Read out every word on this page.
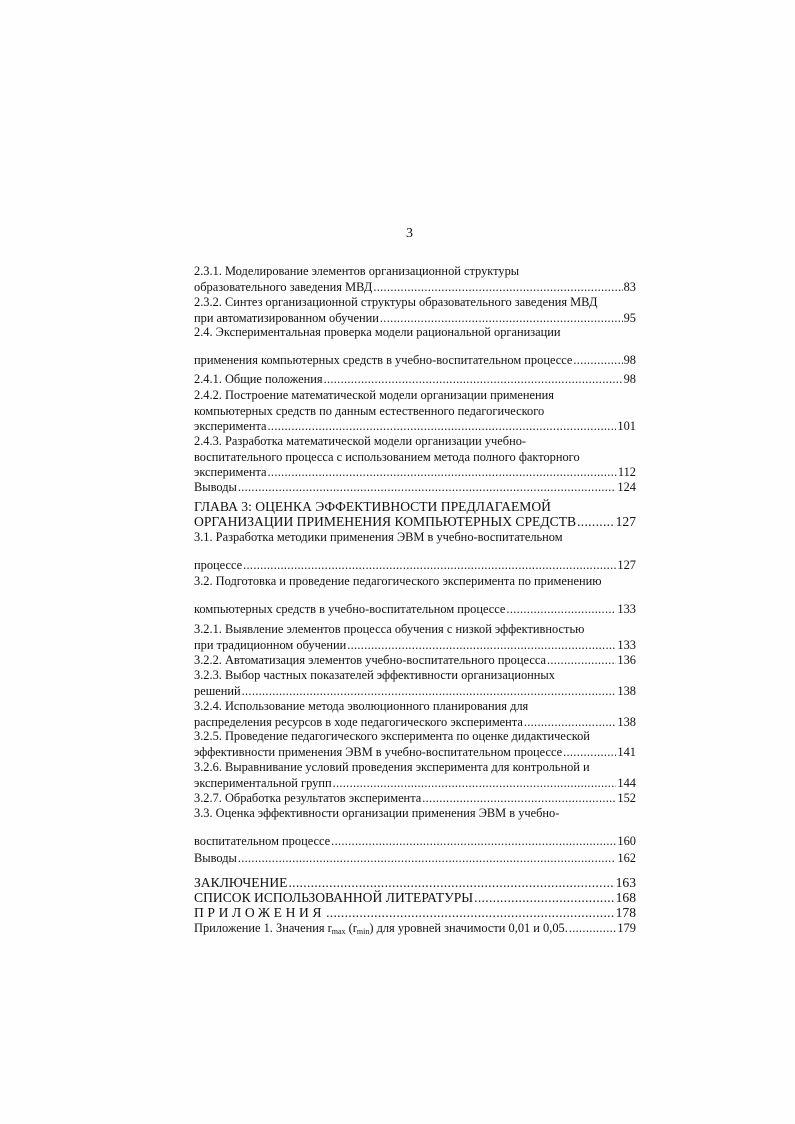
3
2.3.1. Моделирование элементов организационной структуры
образовательного заведения МВД .....	83
2.3.2. Синтез организационной структуры образовательного заведения МВД
при автоматизированном обучении .....	95
2.4. Экспериментальная проверка модели рациональной организации
применения компьютерных средств в учебно-воспитательном процессе .....	98
2.4.1. Общие положения .....	98
2.4.2. Построение математической модели организации применения
компьютерных средств по данным естественного педагогического
эксперимента .....	101
2.4.3. Разработка математической модели организации учебно-
воспитательного процесса с использованием метода полного факторного
эксперимента .....	112
Выводы .....	124
ГЛАВА 3: ОЦЕНКА ЭФФЕКТИВНОСТИ ПРЕДЛАГАЕМОЙ
ОРГАНИЗАЦИИ ПРИМЕНЕНИЯ КОМПЬЮТЕРНЫХ СРЕДСТВ .....	127
3.1. Разработка методики применения ЭВМ в учебно-воспитательном
процессе .....	127
3.2. Подготовка и проведение педагогического эксперимента по применению
компьютерных средств в учебно-воспитательном процессе .....	133
3.2.1. Выявление элементов процесса обучения с низкой эффективностью
при традиционном обучении .....	133
3.2.2. Автоматизация элементов учебно-воспитательного процесса .....	136
3.2.3. Выбор частных показателей эффективности организационных
решений .....	138
3.2.4. Использование метода эволюционного планирования для
распределения ресурсов в ходе педагогического эксперимента .....	138
3.2.5. Проведение педагогического эксперимента по оценке дидактической
эффективности применения ЭВМ в учебно-воспитательном процессе .....	141
3.2.6. Выравнивание условий проведения эксперимента для контрольной и
экспериментальной групп .....	144
3.2.7. Обработка результатов эксперимента .....	152
3.3. Оценка эффективности организации применения ЭВМ в учебно-
воспитательном процессе .....	160
Выводы .....	162
ЗАКЛЮЧЕНИЕ .....	163
СПИСОК ИСПОЛЬЗОВАННОЙ ЛИТЕРАТУРЫ .....	168
ПРИЛОЖЕНИЯ .....	178
Приложение 1. Значения $r_{max}$ $(r_{min})$ для уровней значимости 0,01 и 0,05. .....	179
